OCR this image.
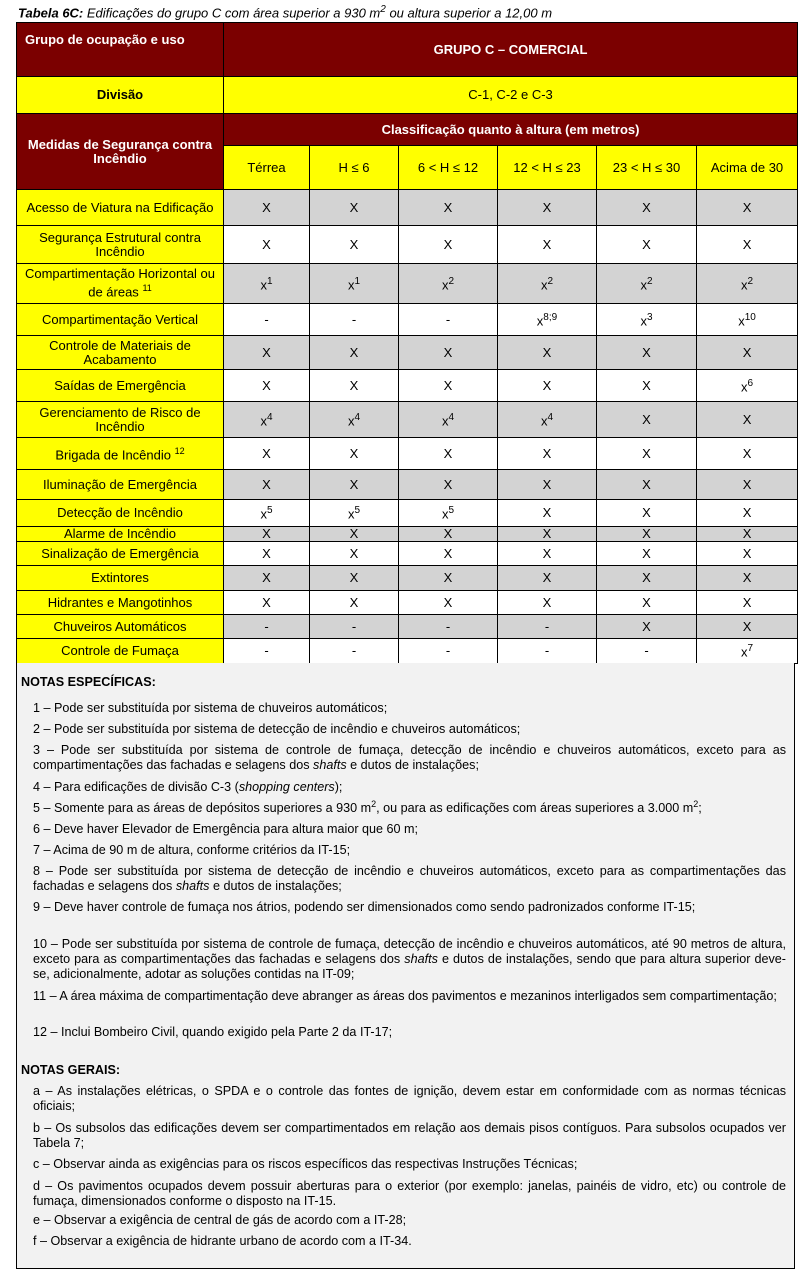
Tabela 6C: Edificações do grupo C com área superior a 930 $m^2$ ou altura superior a 12,00 m
Grupo de ocupação e uso	GRUPO C – COMERCIAL					
Divisão	C-1, C-2 e C-3					
Medidas de Segurança contra Incêndio	Classificação quanto à altura (em metros)					
	Térrea	H ≤ 6	6 < H ≤ 12	12 < H ≤ 23	23 < H ≤ 30	Acima de 30
Acesso de Viatura na Edificação	X	X	X	X	X	X
Segurança Estrutural contra Incêndio	X	X	X	X	X	X
Compartimentação Horizontal ou de áreas $^{11}$	$x^1$	$x^1$	$x^2$	$x^2$	$x^2$	$x^2$
Compartimentação Vertical	-	-	-	$x^{8;9}$	$x^3$	$x^{10}$
Controle de Materiais de Acabamento	X	X	X	X	X	X
Saídas de Emergência	X	X	X	X	X	$x^6$
Gerenciamento de Risco de Incêndio	$x^4$	$x^4$	$x^4$	$x^4$	X	X
Brigada de Incêndio $^{12}$	X	X	X	X	X	X
Iluminação de Emergência	X	X	X	X	X	X
Detecção de Incêndio	$x^5$	$x^5$	$x^5$	X	X	X
Alarme de Incêndio	X	X	X	X	X	X
Sinalização de Emergência	X	X	X	X	X	X
Extintores	X	X	X	X	X	X
Hidrantes e Mangotinhos	X	X	X	X	X	X
Chuveiros Automáticos	-	-	-	-	X	X
Controle de Fumaça	-	-	-	-	-	$x^7$
NOTAS ESPECÍFICAS:
1 – Pode ser substituída por sistema de chuveiros automáticos;
2 – Pode ser substituída por sistema de detecção de incêndio e chuveiros automáticos;
3 – Pode ser substituída por sistema de controle de fumaça, detecção de incêndio e chuveiros automáticos, exceto para as compartimentações das fachadas e selagens dos shafts e dutos de instalações;
4 – Para edificações de divisão C-3 (shopping centers);
5 – Somente para as áreas de depósitos superiores a 930 $m^2$, ou para as edificações com áreas superiores a 3.000 $m^2$;
6 – Deve haver Elevador de Emergência para altura maior que 60 m;
7 – Acima de 90 m de altura, conforme critérios da IT-15;
8 – Pode ser substituída por sistema de detecção de incêndio e chuveiros automáticos, exceto para as compartimentações das fachadas e selagens dos shafts e dutos de instalações;
9 – Deve haver controle de fumaça nos átrios, podendo ser dimensionados como sendo padronizados conforme IT-15;
10 – Pode ser substituída por sistema de controle de fumaça, detecção de incêndio e chuveiros automáticos, até 90 metros de altura, exceto para as compartimentações das fachadas e selagens dos shafts e dutos de instalações, sendo que para altura superior deve-se, adicionalmente, adotar as soluções contidas na IT-09;
11 – A área máxima de compartimentação deve abranger as áreas dos pavimentos e mezaninos interligados sem compartimentação;
12 – Inclui Bombeiro Civil, quando exigido pela Parte 2 da IT-17;
NOTAS GERAIS:
a – As instalações elétricas, o SPDA e o controle das fontes de ignição, devem estar em conformidade com as normas técnicas oficiais;
b – Os subsolos das edificações devem ser compartimentados em relação aos demais pisos contíguos. Para subsolos ocupados ver Tabela 7;
c – Observar ainda as exigências para os riscos específicos das respectivas Instruções Técnicas;
d – Os pavimentos ocupados devem possuir aberturas para o exterior (por exemplo: janelas, painéis de vidro, etc) ou controle de fumaça, dimensionados conforme o disposto na IT-15.
e – Observar a exigência de central de gás de acordo com a IT-28;
f – Observar a exigência de hidrante urbano de acordo com a IT-34.
